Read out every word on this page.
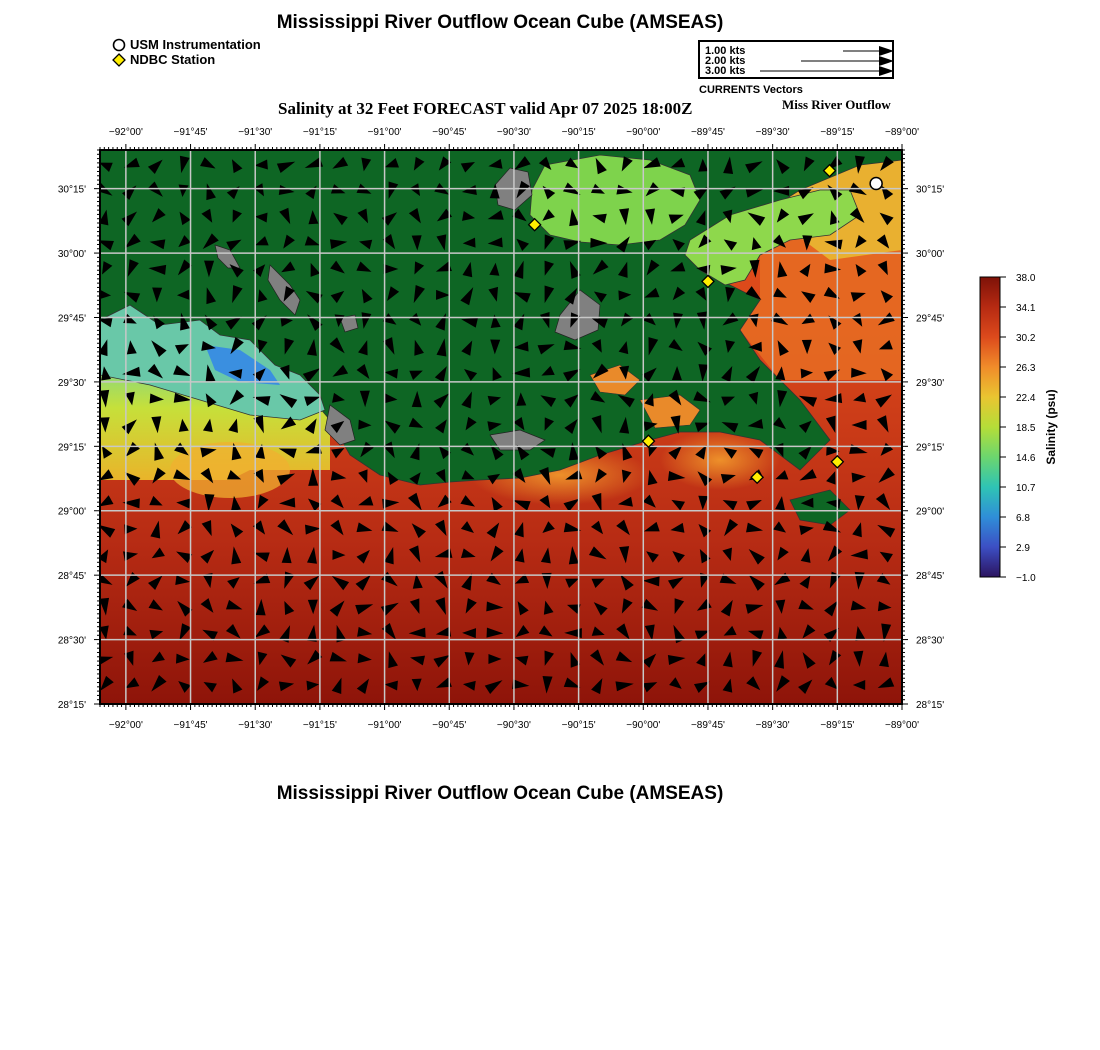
Mississippi River Outflow Ocean Cube (AMSEAS)
USM Instrumentation
NDBC Station
1.00 kts
2.00 kts
3.00 kts
CURRENTS Vectors
Salinity at 32 Feet FORECAST valid Apr 07 2025 18:00Z	Miss River Outflow
−92°00'	−91°45'	−91°30'	−91°15'	−91°00'	−90°45'	−90°30'	−90°15'	−90°00'	−89°45'	−89°30'	−89°15'	−89°00'
−92°00'	−91°45'	−91°30'	−91°15'	−91°00'	−90°45'	−90°30'	−90°15'	−90°00'	−89°45'	−89°30'	−89°15'	−89°00'
30°15'
30°00'
29°45'
29°30'
29°15'
29°00'
28°45'
28°30'
28°15'
30°15'
30°00'
29°45'
29°30'
29°15'
29°00'
28°45'
28°30'
28°15'
38.0
34.1
30.2
26.3
22.4
18.5
14.6
10.7
6.8
2.9
−1.0
Salinity (psu)
Mississippi River Outflow Ocean Cube (AMSEAS)
